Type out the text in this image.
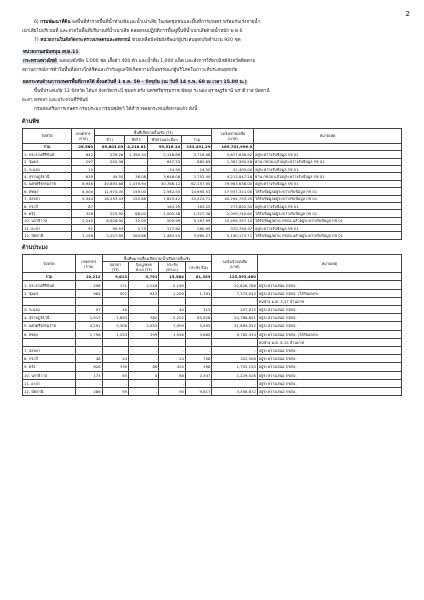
2

6) กรมพัฒนาที่ดิน ลงพื้นที่สำรวจพื้นที่น้ำท่วมขังและน้ำเน่าเสีย ในเขตชุมชนและพื้นที่การเกษตร พร้อมกับเร่งจ่ายน้ำ

เน่าเสียไปบริเวณที่ และจ่ายในพื้นที่ปริมาณที่น้ำเน่าเสีย ตลอดจนปฏิบัติการพื้นฟูพื้นที่น้ำเน่าเสียด้วยน้ำหมัก พ.ด.6

7) หน่วยงานในสังกัดกระทรวงเกษตรและสหกรณ์ ช่วยเหลือปัจจัยยังชีพแก่ผู้ประสบอุทกภัยจำนวน 920 ชุด

หน่วยงานสนับสนุน สปอ.11

กระทรวงพาณิชย์ มอบถุงยังชีพ 1,000 ชุด เสื้อผ้า 400 ตัว และน้ำดื่ม 1,000 แพ็ค และสั่งการให้พาณิชย์จังหวัดติดตาม

สถานการณ์การค้าในพื้นที่อย่างใกล้ชิดและกำกับดูแลให้เกิดความเป็นธรรมแก่ผู้บริโภคในภาวะที่ประสบอุทกภัย

ผลกระทบด้านการเกษตรพื้นที่ภาคใต้ ตั้งแต่วันที่ 1 ธ.ค. 59 – ปัจจุบัน (ณ วันที่ 14 ก.พ. 60 ณ เวลา 15.00 น.)

พื้นที่ประสบภัย 12 จังหวัด ได้แก่ จังหวัดกระบี่ ชุมพร ตรัง นครศรีธรรมราช พัทลุง ระนอง สุราษฎร์ธานี นราธิวาส ปัตตานี

ยะลา สงขลา และประจวบคีรีขันธ์

กรมส่งเสริมการเกษตร กรมประมง กรมปศุสัตว์ ได้สำรวจผลกระทบเสียหายแล้ว ดังนี้

ด้านพืช
จังหวัด	เกษตรกร
(ราย)	พื้นที่เสียหายสิ้นเชิง (ไร่)				วงเงินช่วยเหลือ
(บาท)	หมายเหตุ
		ข้าว	พืชไร่	พืชสวนและอื่นๆ	รวม		
รวม	26,580	69,803.03	4,216.61	99,516.14	153,491.29	169,761,996.0	
1. ประจวบคีรีขันธ์	642	239.28	1,390.34	2,146.86	3,716.98	3,677,638.92	อยู่ระหว่างรับข้อมูล กช 01
2. ชุมพร	297	240.36	-	647.53	882.69	1,367,990.58	ผ่าน กชภอ.แล้วอยู่ระหว่างรับข้อมูล กช 01
3. ระนอง	15	-	-	24.50	24.50	41,405.00	อยู่ระหว่างรับข้อมูล กช 01
4. สุราษฎร์ธานี	639	49.50	38.08	3,646.08	3,752.40	4,213,847.28	ผ่าน กชภอ.แล้วอยู่ระหว่างรับข้อมูล กช 01
5. นครศรีธรรมราช	8,946	30,893.68	1,479.94	30,786.12	62,157.95	79,963,638.00	อยู่ระหว่างรับข้อมูล กช 01
6. พัทลุง	4,000	11,974.00	159.00	2,562.55	14,695.53	17,937,311.00	ได้รับข้อมูลอยู่ระหว่างรับข้อมูล กช 01
7. สงขลา	5,344	18,253.43	152.88	7,825.42	32,223.71	40,294,733.29	ได้รับข้อมูลอยู่ระหว่างรับข้อมูล กช 01
8. กระบี่	87	-	-	163.25	163.25	273,892.50	อยู่ระหว่างรับข้อมูล กช 01
9. ตรัง	328	253.92	68.00	1,005.36	1,327.36	2,059,745.60	ได้รับข้อมูลอยู่ระหว่างรับข้อมูล กช 01
10. นราธิวาส	2,245	8,626.00	32.00	509.99	9,167.99	10,499,337.10	ได้รับข้อมูลผ่าน กชภอ.แล้วอยู่ระหว่างรับข้อมูล กช 01
11. ยะลา	91	99.53	3.75	177.62	280.90	370,790.47	อยู่ระหว่างรับข้อมูล กช 01
12. ปัตตานี	1,156	2,257.85	263.88	1,483.55	3,965.27	5,190,173.71	ได้รับข้อมูลผ่าน กชภอ.แล้วอยู่ระหว่างรับข้อมูล กช 01
ด้านประมง
จังหวัด	เกษตรกร
(ราย)	พื้นที่หมายเลี้ยงเสียหาย/น้ำเสียหายสิ้นเชิง				วงเงินช่วยเหลือ
(บาท)	หมายเหตุ
		บ่อปลา
(ไร่)	กุ้ง/ปู/หอย
ทะเล (ไร่)	กระชัง
(ตร.ม.)	กระชัง อื่นๆ		
รวม	10,212	9,813	5,751	15,564	61,359	125,593,460	
1. ประจวบคีรีขันธ์	296	171	2,028	2,199	-	22,826,788	อยู่ระหว่างเสนอ กชภอ.
2. ชุมพร	964	597	612	1,209	1,761	7,375,543	อยู่ระหว่างเสนอ กชภอ. (ได้รับผลกระ
							ทบช่วง ม.ค. 3,37 ล้านบาท
3. ระนอง	97	40	-	40	315	207,675	อยู่ระหว่างเสนอ กชภอ.
4. สุราษฎร์ธานี	1,913	1,893	360	2,252	83,828	24,786,891	อยู่ระหว่างเสนอ กชภอ.
5. นครศรีธรรมราช	4,291	5,308	2,653	7,959	5,595	51,889,552	อยู่ระหว่างเสนอ กชภอ.
6. พัทลุง	1,756	1,253	299	1,556	3,860	9,785,334	อยู่ระหว่างเสนอ กชภอ. (ได้รับผลกระ
							ทบช่วง ม.ค. 8.15 ล้านบาท
7. สงขลา	-	-	-	-	-	-	อยู่ระหว่างเสนอ กชภอ.
8. กระบี่	48	24	-	24	708	322,308	อยู่ระหว่างเสนอ กชภอ.
9. ตรัง	626	339	86	425	398	1,752,150	อยู่ระหว่างเสนอ กชภอ.
10. นราธิวาส	173	63	5	68	2,347	1,229,526	อยู่ระหว่างเสนอ กชภอ.
11. ยะลา	-	-	-	-	-	-	อยู่ระหว่างเสนอ กชภอ.
12. ปัตตานี	286	95	-	95	9,817	3,358,672	อยู่ระหว่างเสนอ กชภอ.
